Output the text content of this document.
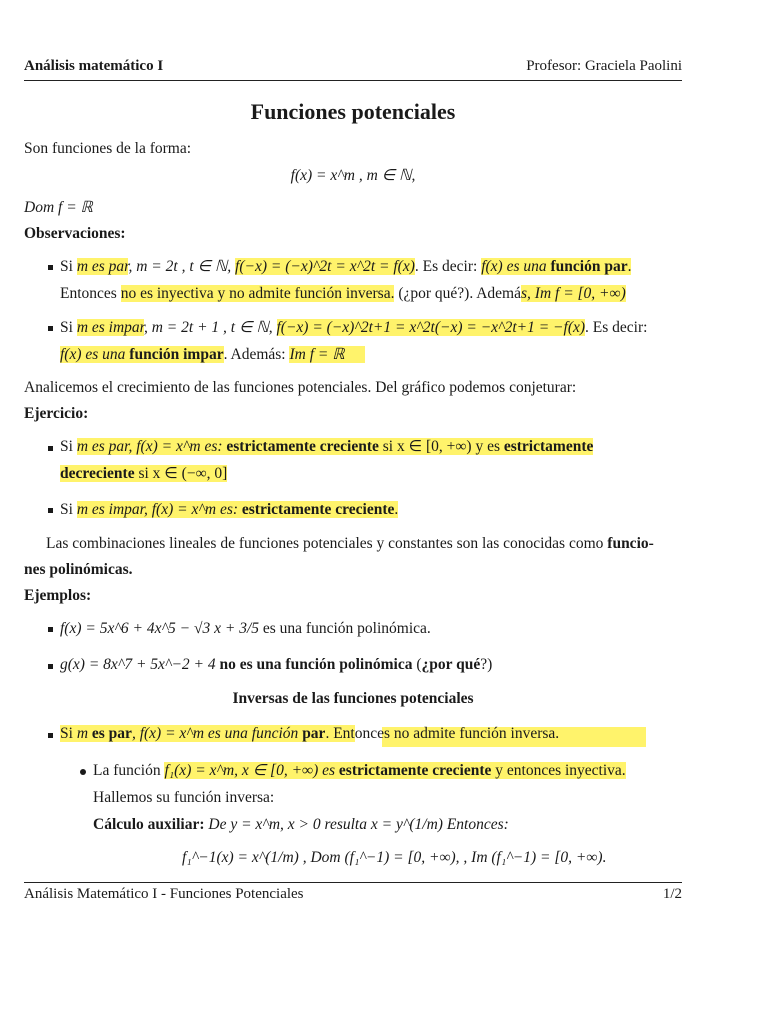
Análisis matemático I	Profesor: Graciela Paolini
Funciones potenciales
Son funciones de la forma:
f(x) = x^m , m ∈ ℕ,
Dom f = ℝ
Observaciones:
Si m es par, m = 2t , t ∈ ℕ, f(−x) = (−x)^2t = x^2t = f(x). Es decir: f(x) es una función par.
Entonces no es inyectiva y no admite función inversa. (¿por qué?). Además, Im f = [0, +∞)
Si m es impar, m = 2t + 1 , t ∈ ℕ, f(−x) = (−x)^2t+1 = x^2t(−x) = −x^2t+1 = −f(x). Es decir:
f(x) es una función impar. Además: Im f = ℝ
Analicemos el crecimiento de las funciones potenciales. Del gráfico podemos conjeturar:
Ejercicio:
Si m es par, f(x) = x^m es: estrictamente creciente si x ∈ [0, +∞) y es estrictamente
decreciente si x ∈ (−∞, 0]
Si m es impar, f(x) = x^m es: estrictamente creciente.
Las combinaciones lineales de funciones potenciales y constantes son las conocidas como funcio-
nes polinómicas.
Ejemplos:
f(x) = 5x^6 + 4x^5 − √3 x + 3/5 es una función polinómica.
g(x) = 8x^7 + 5x^−2 + 4 no es una función polinómica (¿por qué?)
Inversas de las funciones potenciales
Si m es par, f(x) = x^m es una función par. Entonces no admite función inversa.
La función f₁(x) = x^m, x ∈ [0, +∞) es estrictamente creciente y entonces inyectiva.
Hallemos su función inversa:
Cálculo auxiliar: De y = x^m, x > 0 resulta x = y^(1/m) Entonces:
f₁^−1(x) = x^(1/m) , Dom (f₁^−1) = [0, +∞), , Im (f₁^−1) = [0, +∞).
Análisis Matemático I - Funciones Potenciales	1/2
